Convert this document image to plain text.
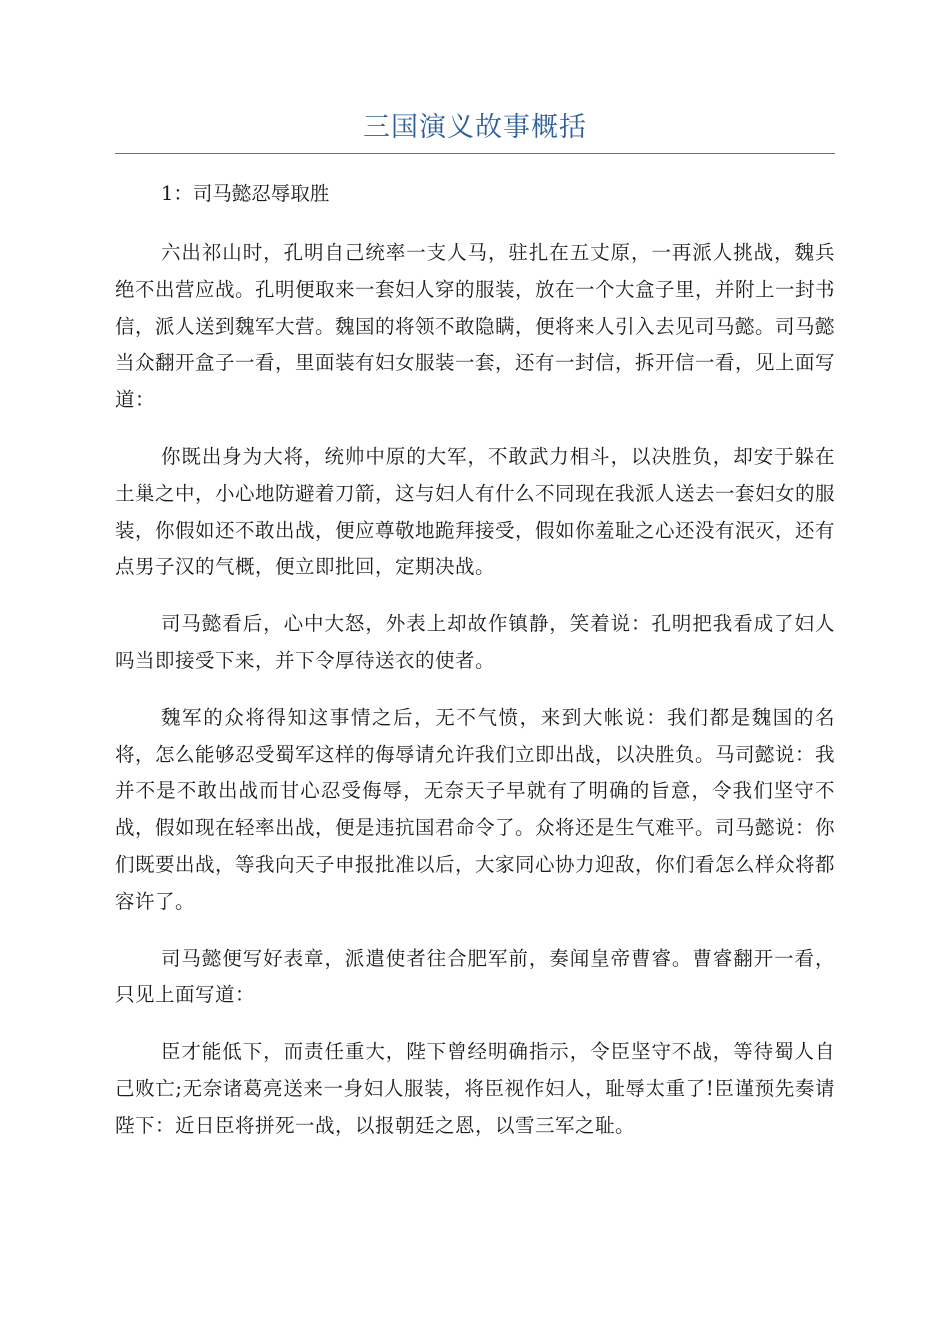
三国演义故事概括

1：司马懿忍辱取胜

六出祁山时，孔明自己统率一支人马，驻扎在五丈原，一再派人挑战，魏兵绝不出营应战。孔明便取来一套妇人穿的服装，放在一个大盒子里，并附上一封书信，派人送到魏军大营。魏国的将领不敢隐瞒，便将来人引入去见司马懿。司马懿当众翻开盒子一看，里面装有妇女服装一套，还有一封信，拆开信一看，见上面写道：

你既出身为大将，统帅中原的大军，不敢武力相斗，以决胜负，却安于躲在土巢之中，小心地防避着刀箭，这与妇人有什么不同现在我派人送去一套妇女的服装，你假如还不敢出战，便应尊敬地跪拜接受，假如你羞耻之心还没有泯灭，还有点男子汉的气概，便立即批回，定期决战。

司马懿看后，心中大怒，外表上却故作镇静，笑着说：孔明把我看成了妇人吗当即接受下来，并下令厚待送衣的使者。

魏军的众将得知这事情之后，无不气愤，来到大帐说：我们都是魏国的名将，怎么能够忍受蜀军这样的侮辱请允许我们立即出战，以决胜负。马司懿说：我并不是不敢出战而甘心忍受侮辱，无奈天子早就有了明确的旨意，令我们坚守不战，假如现在轻率出战，便是违抗国君命令了。众将还是生气难平。司马懿说：你们既要出战，等我向天子申报批准以后，大家同心协力迎敌，你们看怎么样众将都容许了。

司马懿便写好表章，派遣使者往合肥军前，奏闻皇帝曹睿。曹睿翻开一看，只见上面写道：

臣才能低下，而责任重大，陛下曾经明确指示，令臣坚守不战，等待蜀人自己败亡;无奈诸葛亮送来一身妇人服装，将臣视作妇人，耻辱太重了!臣谨预先奏请陛下：近日臣将拼死一战，以报朝廷之恩，以雪三军之耻。
